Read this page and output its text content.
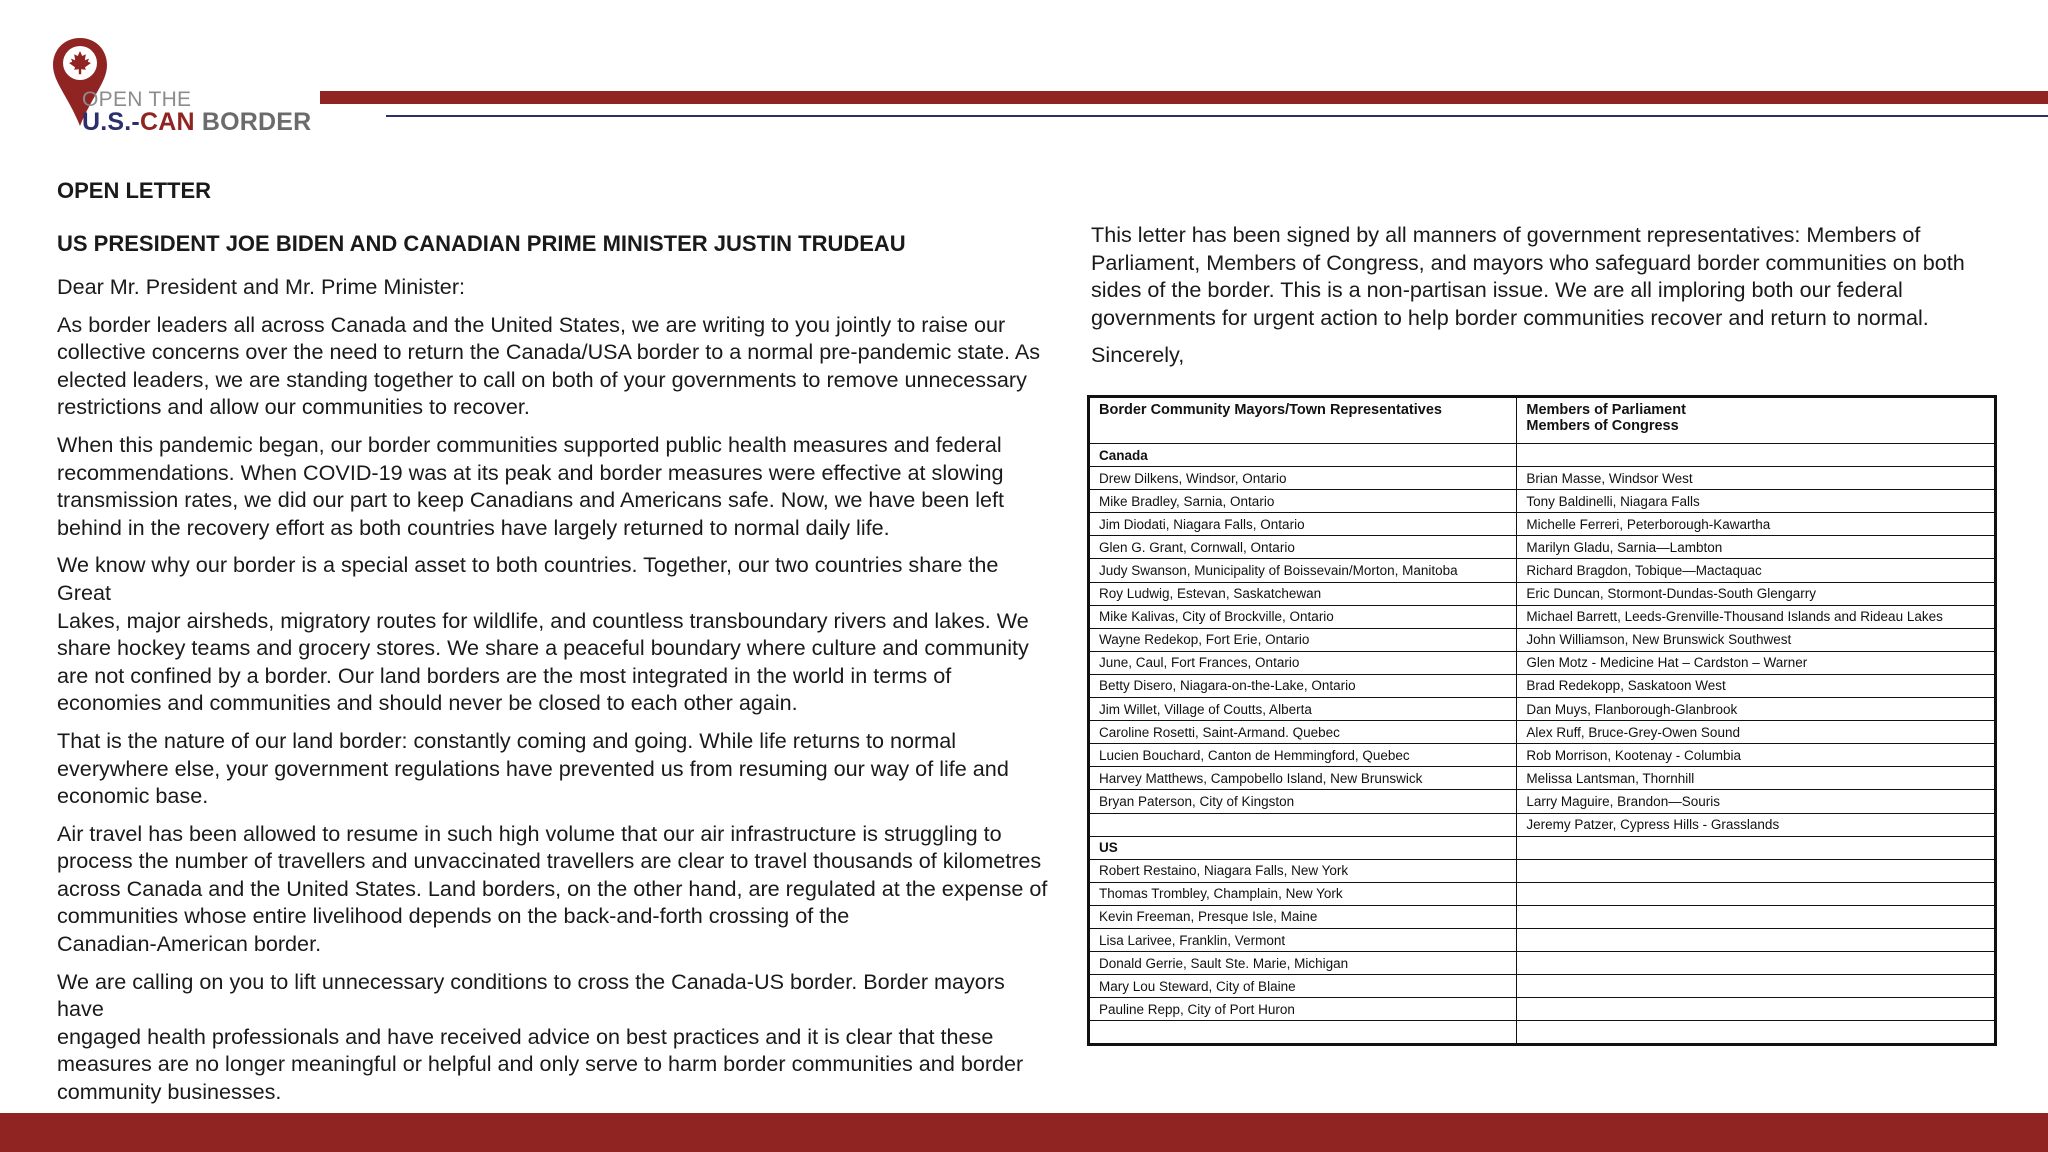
OPEN THE
U.S.-CAN BORDER

OPEN LETTER

US PRESIDENT JOE BIDEN AND CANADIAN PRIME MINISTER JUSTIN TRUDEAU

Dear Mr. President and Mr. Prime Minister:

As border leaders all across Canada and the United States, we are writing to you jointly to raise our
collective concerns over the need to return the Canada/USA border to a normal pre-pandemic state. As
elected leaders, we are standing together to call on both of your governments to remove unnecessary
restrictions and allow our communities to recover.

When this pandemic began, our border communities supported public health measures and federal
recommendations. When COVID-19 was at its peak and border measures were effective at slowing
transmission rates, we did our part to keep Canadians and Americans safe. Now, we have been left
behind in the recovery effort as both countries have largely returned to normal daily life.

We know why our border is a special asset to both countries. Together, our two countries share the Great
Lakes, major airsheds, migratory routes for wildlife, and countless transboundary rivers and lakes. We
share hockey teams and grocery stores. We share a peaceful boundary where culture and community
are not confined by a border. Our land borders are the most integrated in the world in terms of
economies and communities and should never be closed to each other again.

That is the nature of our land border: constantly coming and going. While life returns to normal
everywhere else, your government regulations have prevented us from resuming our way of life and
economic base.

Air travel has been allowed to resume in such high volume that our air infrastructure is struggling to
process the number of travellers and unvaccinated travellers are clear to travel thousands of kilometres
across Canada and the United States. Land borders, on the other hand, are regulated at the expense of
communities whose entire livelihood depends on the back-and-forth crossing of the
Canadian-American border.

We are calling on you to lift unnecessary conditions to cross the Canada-US border. Border mayors have
engaged health professionals and have received advice on best practices and it is clear that these
measures are no longer meaningful or helpful and only serve to harm border communities and border
community businesses.

This letter has been signed by all manners of government representatives: Members of
Parliament, Members of Congress, and mayors who safeguard border communities on both
sides of the border. This is a non-partisan issue. We are all imploring both our federal
governments for urgent action to help border communities recover and return to normal.

Sincerely,

Border Community Mayors/Town Representatives	Members of Parliament
Members of Congress

Canada	
Drew Dilkens, Windsor, Ontario	Brian Masse, Windsor West
Mike Bradley, Sarnia, Ontario	Tony Baldinelli, Niagara Falls
Jim Diodati, Niagara Falls, Ontario	Michelle Ferreri, Peterborough-Kawartha
Glen G. Grant, Cornwall, Ontario	Marilyn Gladu, Sarnia—Lambton
Judy Swanson, Municipality of Boissevain/Morton, Manitoba	Richard Bragdon, Tobique—Mactaquac
Roy Ludwig, Estevan, Saskatchewan	Eric Duncan, Stormont-Dundas-South Glengarry
Mike Kalivas, City of Brockville, Ontario	Michael Barrett, Leeds-Grenville-Thousand Islands and Rideau Lakes
Wayne Redekop, Fort Erie, Ontario	John Williamson, New Brunswick Southwest
June, Caul, Fort Frances, Ontario	Glen Motz - Medicine Hat – Cardston – Warner
Betty Disero, Niagara-on-the-Lake, Ontario	Brad Redekopp, Saskatoon West
Jim Willet, Village of Coutts, Alberta	Dan Muys, Flanborough-Glanbrook
Caroline Rosetti, Saint-Armand. Quebec	Alex Ruff, Bruce-Grey-Owen Sound
Lucien Bouchard, Canton de Hemmingford, Quebec	Rob Morrison, Kootenay - Columbia
Harvey Matthews, Campobello Island, New Brunswick	Melissa Lantsman, Thornhill
Bryan Paterson, City of Kingston	Larry Maguire, Brandon—Souris
	Jeremy Patzer, Cypress Hills - Grasslands
US	
Robert Restaino, Niagara Falls, New York	
Thomas Trombley, Champlain, New York	
Kevin Freeman, Presque Isle, Maine	
Lisa Larivee, Franklin, Vermont	
Donald Gerrie, Sault Ste. Marie, Michigan	
Mary Lou Steward, City of Blaine	
Pauline Repp, City of Port Huron	
